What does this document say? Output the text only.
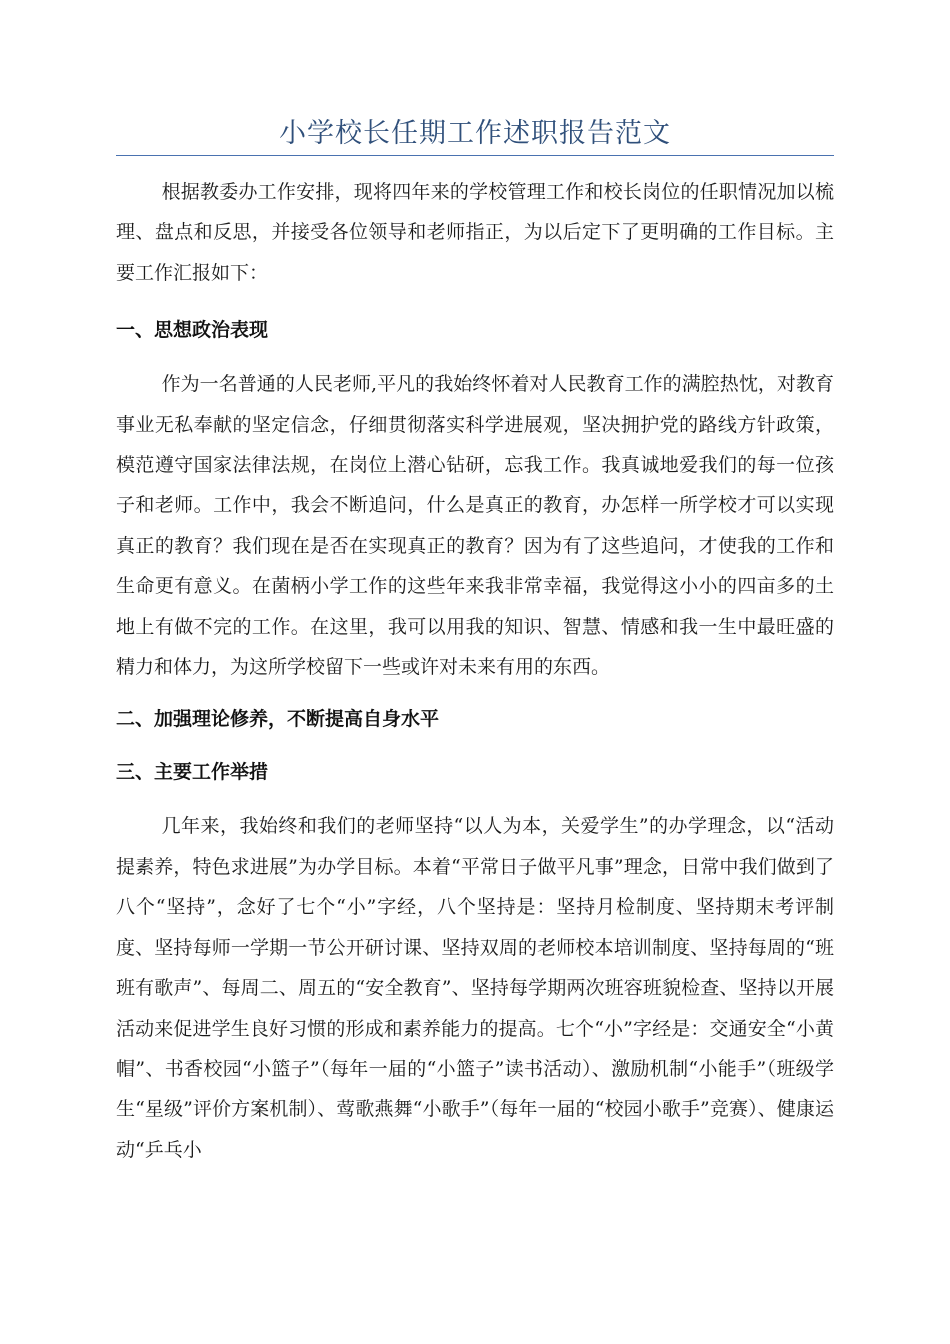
小学校长任期工作述职报告范文

根据教委办工作安排，现将四年来的学校管理工作和校长岗位的任职情况加以梳理、盘点和反思，并接受各位领导和老师指正，为以后定下了更明确的工作目标。主要工作汇报如下：

一、思想政治表现

作为一名普通的人民老师,平凡的我始终怀着对人民教育工作的满腔热忱，对教育事业无私奉献的坚定信念，仔细贯彻落实科学进展观，坚决拥护党的路线方针政策，模范遵守国家法律法规，在岗位上潜心钻研，忘我工作。我真诚地爱我们的每一位孩子和老师。工作中，我会不断追问，什么是真正的教育，办怎样一所学校才可以实现真正的教育？我们现在是否在实现真正的教育？因为有了这些追问，才使我的工作和生命更有意义。在菌柄小学工作的这些年来我非常幸福，我觉得这小小的四亩多的土地上有做不完的工作。在这里，我可以用我的知识、智慧、情感和我一生中最旺盛的精力和体力，为这所学校留下一些或许对未来有用的东西。

二、加强理论修养，不断提高自身水平
三、主要工作举措

几年来，我始终和我们的老师坚持“以人为本，关爱学生”的办学理念，以“活动提素养，特色求进展”为办学目标。本着“平常日子做平凡事”理念，日常中我们做到了八个“坚持”，念好了七个“小”字经，八个坚持是：坚持月检制度、坚持期末考评制度、坚持每师一学期一节公开研讨课、坚持双周的老师校本培训制度、坚持每周的“班班有歌声”、每周二、周五的“安全教育”、坚持每学期两次班容班貌检查、坚持以开展活动来促进学生良好习惯的形成和素养能力的提高。七个“小”字经是：交通安全“小黄帽”、书香校园“小篮子”（每年一届的“小篮子”读书活动）、激励机制“小能手”（班级学生“星级”评价方案机制）、莺歌燕舞“小歌手”（每年一届的“校园小歌手”竞赛）、健康运动“乒乓小
